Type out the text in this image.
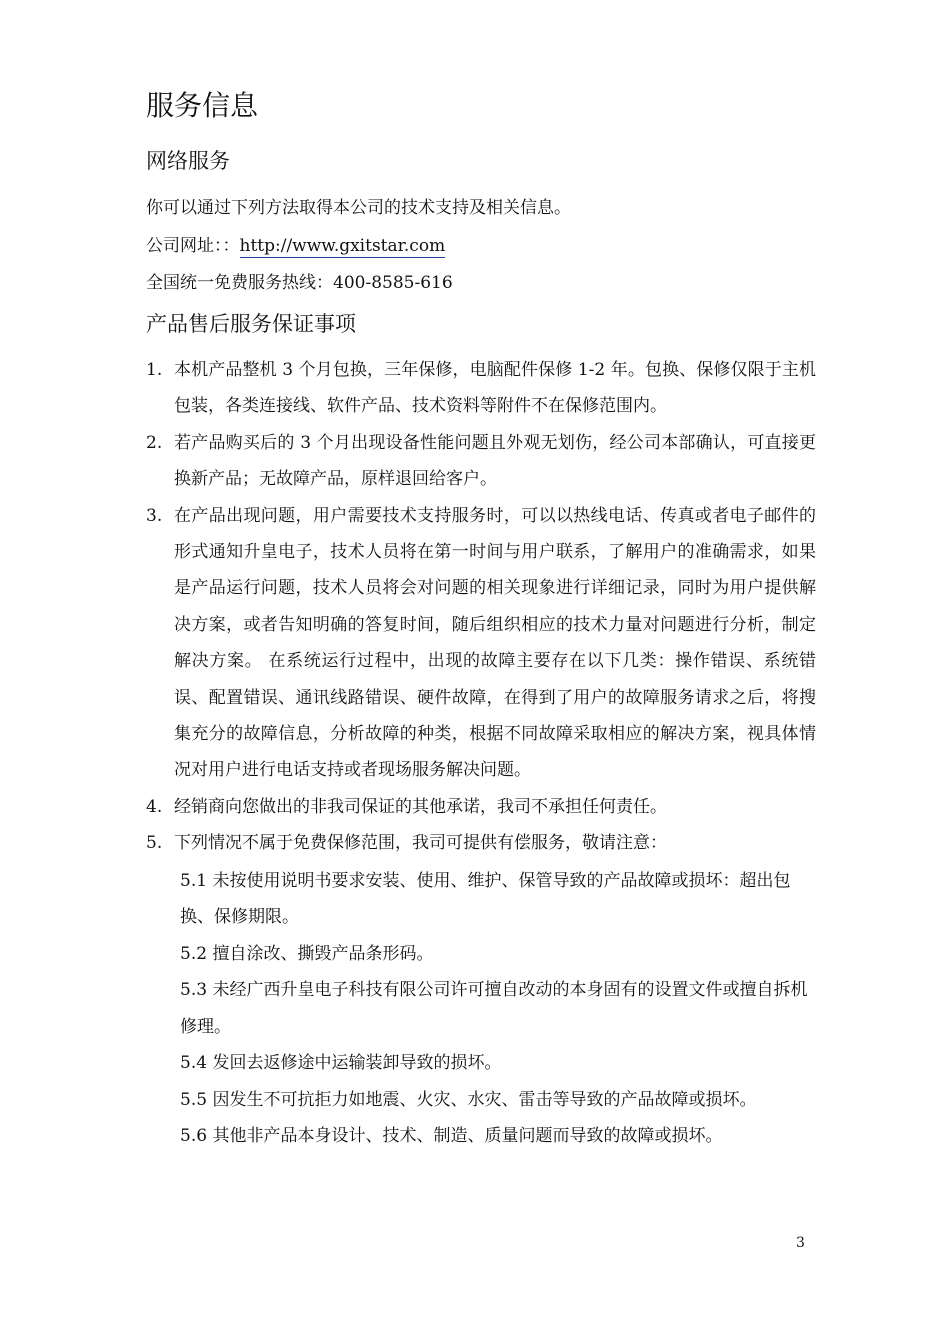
服务信息
网络服务
你可以通过下列方法取得本公司的技术支持及相关信息。
公司网址：：http://www.gxitstar.com
全国统一免费服务热线：400-8585-616
产品售后服务保证事项
1. 本机产品整机 3 个月包换，三年保修，电脑配件保修 1-2 年。包换、保修仅限于主机包装，各类连接线、软件产品、技术资料等附件不在保修范围内。
2. 若产品购买后的 3 个月出现设备性能问题且外观无划伤，经公司本部确认，可直接更换新产品；无故障产品，原样退回给客户。
3. 在产品出现问题，用户需要技术支持服务时，可以以热线电话、传真或者电子邮件的形式通知升皇电子，技术人员将在第一时间与用户联系，了解用户的准确需求，如果是产品运行问题，技术人员将会对问题的相关现象进行详细记录，同时为用户提供解决方案，或者告知明确的答复时间，随后组织相应的技术力量对问题进行分析，制定解决方案。 在系统运行过程中，出现的故障主要存在以下几类：操作错误、系统错误、配置错误、通讯线路错误、硬件故障，在得到了用户的故障服务请求之后，将搜集充分的故障信息，分析故障的种类，根据不同故障采取相应的解决方案，视具体情况对用户进行电话支持或者现场服务解决问题。
4. 经销商向您做出的非我司保证的其他承诺，我司不承担任何责任。
5. 下列情况不属于免费保修范围，我司可提供有偿服务，敬请注意：
5.1 未按使用说明书要求安装、使用、维护、保管导致的产品故障或损坏：超出包换、保修期限。
5.2 擅自涂改、撕毁产品条形码。
5.3 未经广西升皇电子科技有限公司许可擅自改动的本身固有的设置文件或擅自拆机修理。
5.4 发回去返修途中运输装卸导致的损坏。
5.5 因发生不可抗拒力如地震、火灾、水灾、雷击等导致的产品故障或损坏。
5.6 其他非产品本身设计、技术、制造、质量问题而导致的故障或损坏。
3
